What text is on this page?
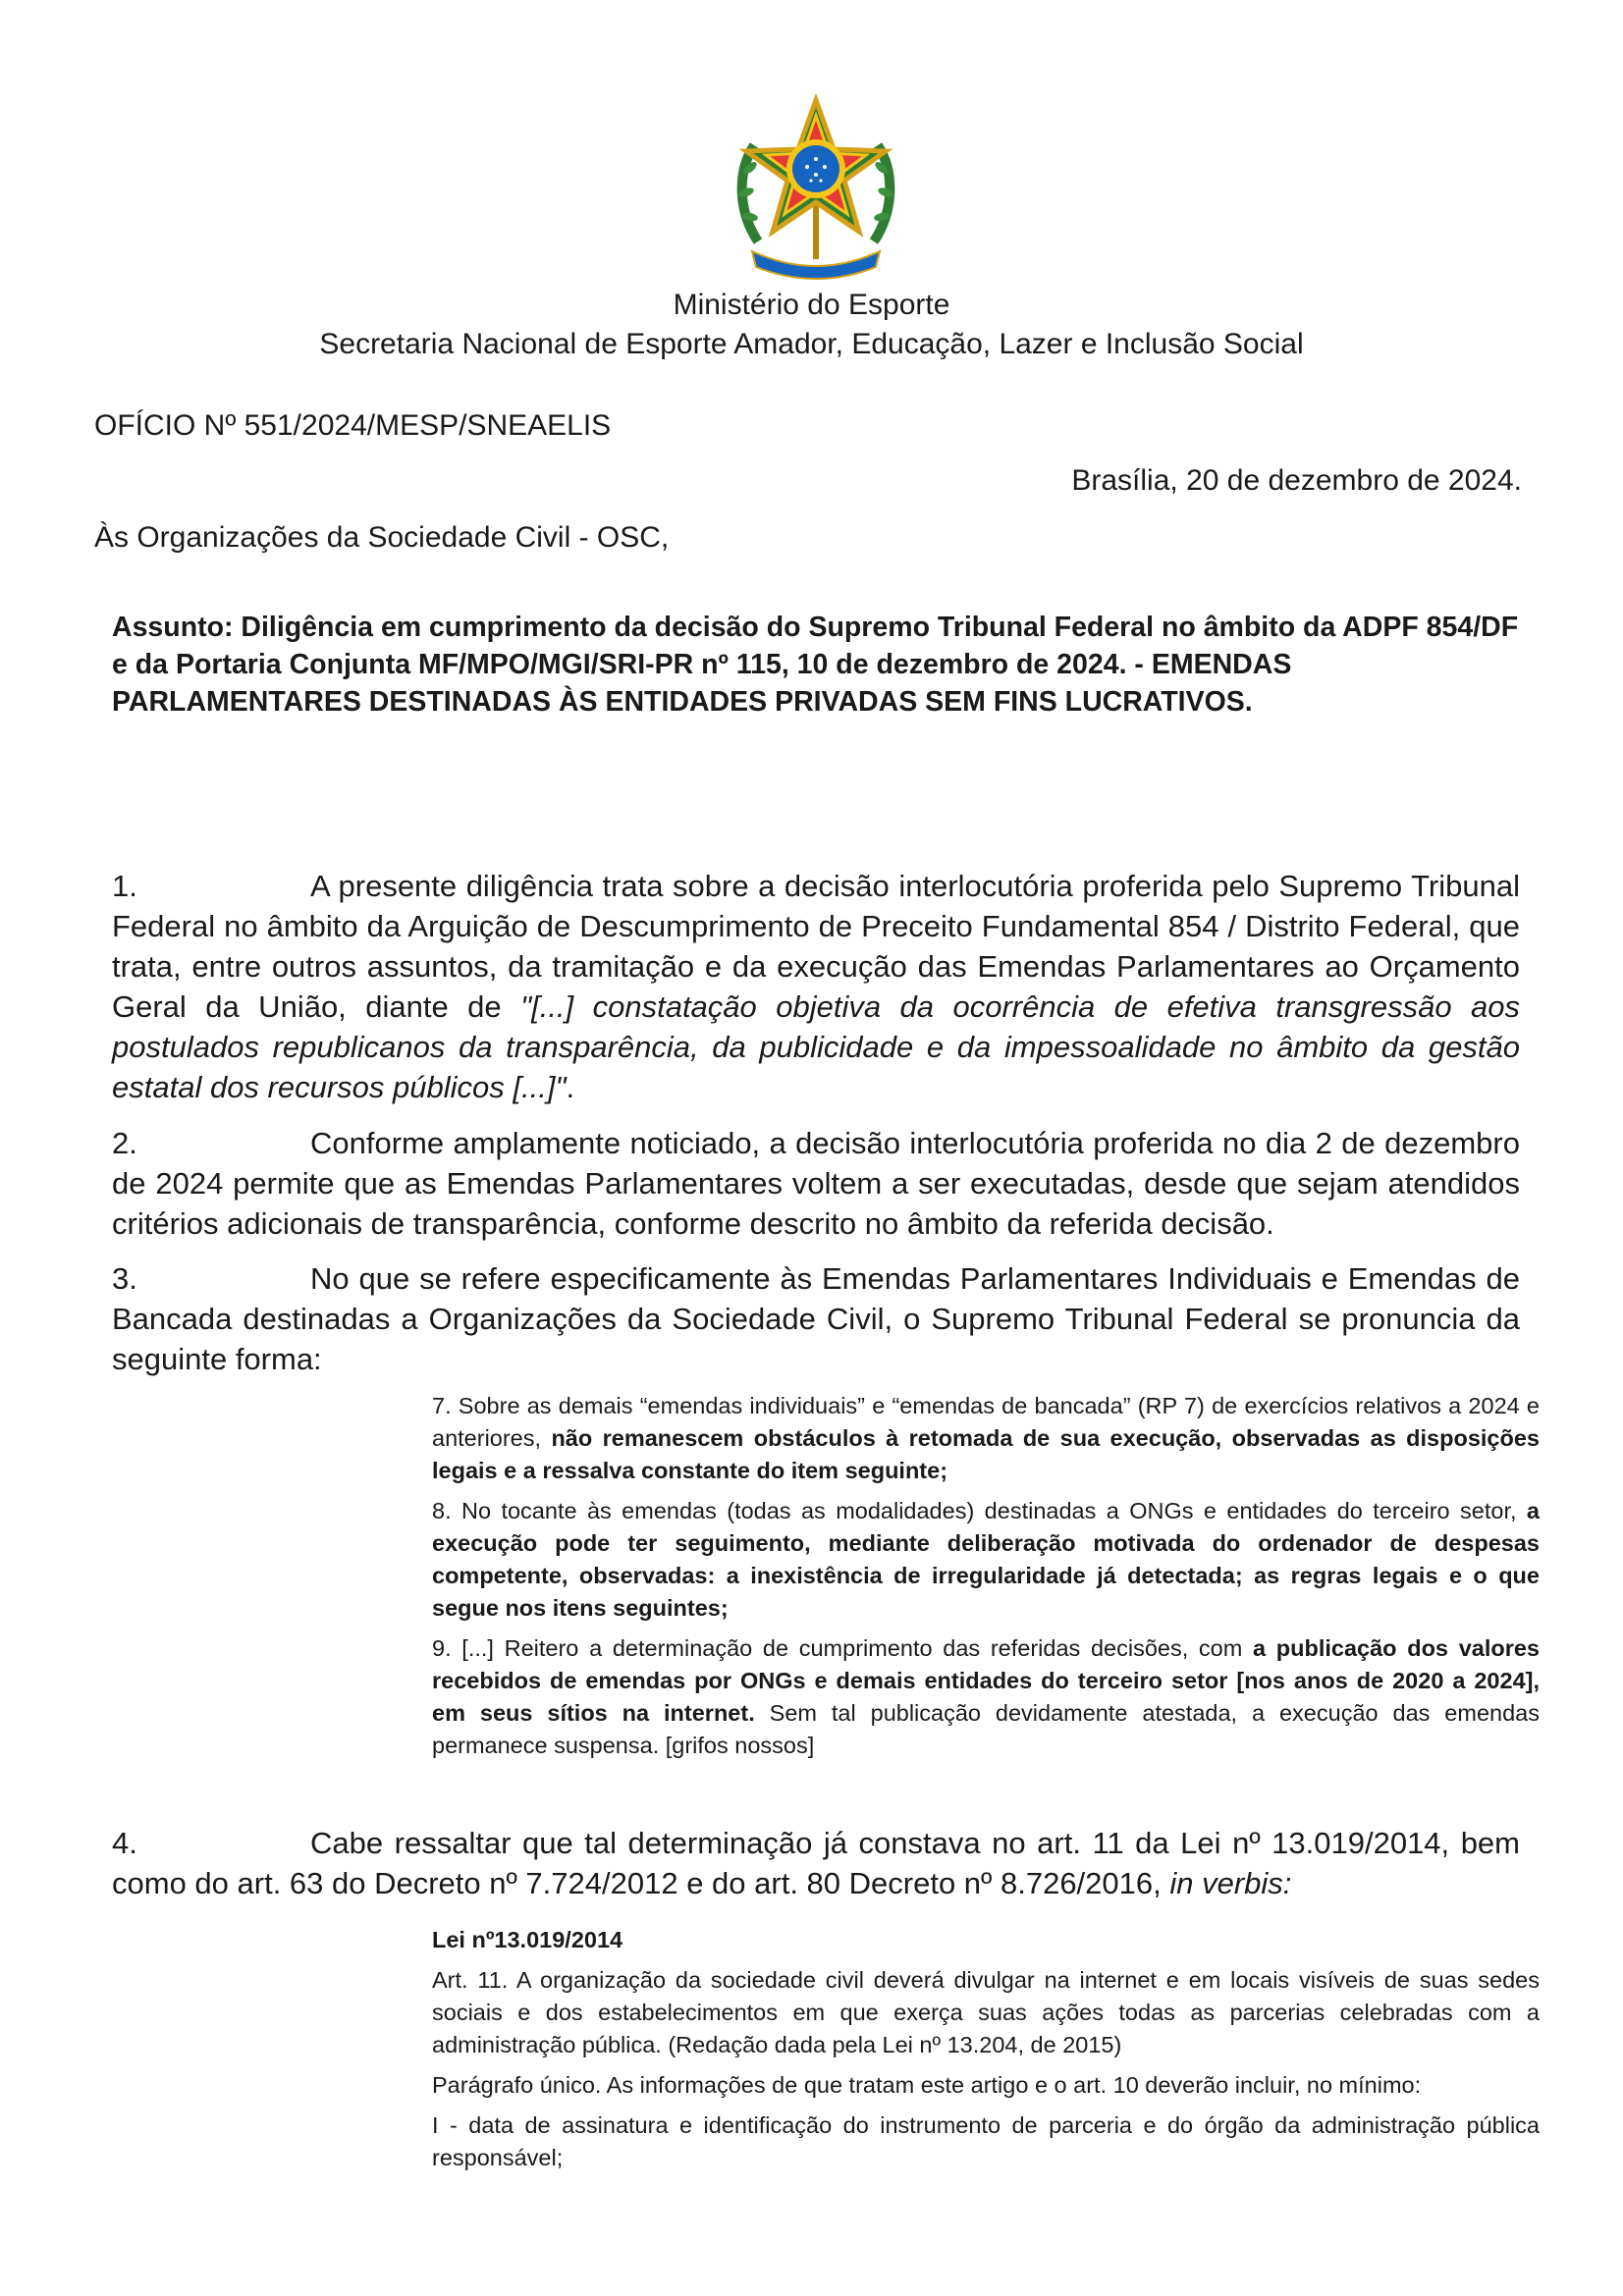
Ministério do Esporte
Secretaria Nacional de Esporte Amador, Educação, Lazer e Inclusão Social
OFÍCIO Nº 551/2024/MESP/SNEAELIS
Brasília, 20 de dezembro de 2024.
Às Organizações da Sociedade Civil - OSC,
Assunto: Diligência em cumprimento da decisão do Supremo Tribunal Federal no âmbito da ADPF 854/DF e da Portaria Conjunta MF/MPO/MGI/SRI-PR nº 115, 10 de dezembro de 2024. - EMENDAS PARLAMENTARES DESTINADAS ÀS ENTIDADES PRIVADAS SEM FINS LUCRATIVOS.
1.	A presente diligência trata sobre a decisão interlocutória proferida pelo Supremo Tribunal Federal no âmbito da Arguição de Descumprimento de Preceito Fundamental 854 / Distrito Federal, que trata, entre outros assuntos, da tramitação e da execução das Emendas Parlamentares ao Orçamento Geral da União, diante de "[...] constatação objetiva da ocorrência de efetiva transgressão aos postulados republicanos da transparência, da publicidade e da impessoalidade no âmbito da gestão estatal dos recursos públicos [...]".
2.	Conforme amplamente noticiado, a decisão interlocutória proferida no dia 2 de dezembro de 2024 permite que as Emendas Parlamentares voltem a ser executadas, desde que sejam atendidos critérios adicionais de transparência, conforme descrito no âmbito da referida decisão.
3.	No que se refere especificamente às Emendas Parlamentares Individuais e Emendas de Bancada destinadas a Organizações da Sociedade Civil, o Supremo Tribunal Federal se pronuncia da seguinte forma:

7. Sobre as demais “emendas individuais” e “emendas de bancada” (RP 7) de exercícios relativos a 2024 e anteriores, não remanescem obstáculos à retomada de sua execução, observadas as disposições legais e a ressalva constante do item seguinte;

8. No tocante às emendas (todas as modalidades) destinadas a ONGs e entidades do terceiro setor, a execução pode ter seguimento, mediante deliberação motivada do ordenador de despesas competente, observadas: a inexistência de irregularidade já detectada; as regras legais e o que segue nos itens seguintes;

9. [...] Reitero a determinação de cumprimento das referidas decisões, com a publicação dos valores recebidos de emendas por ONGs e demais entidades do terceiro setor [nos anos de 2020 a 2024], em seus sítios na internet. Sem tal publicação devidamente atestada, a execução das emendas permanece suspensa. [grifos nossos]

4.	Cabe ressaltar que tal determinação já constava no art. 11 da Lei nº 13.019/2014, bem como do art. 63 do Decreto nº 7.724/2012 e do art. 80 Decreto nº 8.726/2016, in verbis:

Lei nº13.019/2014

Art. 11. A organização da sociedade civil deverá divulgar na internet e em locais visíveis de suas sedes sociais e dos estabelecimentos em que exerça suas ações todas as parcerias celebradas com a administração pública. (Redação dada pela Lei nº 13.204, de 2015)

Parágrafo único. As informações de que tratam este artigo e o art. 10 deverão incluir, no mínimo:

I - data de assinatura e identificação do instrumento de parceria e do órgão da administração pública responsável;
